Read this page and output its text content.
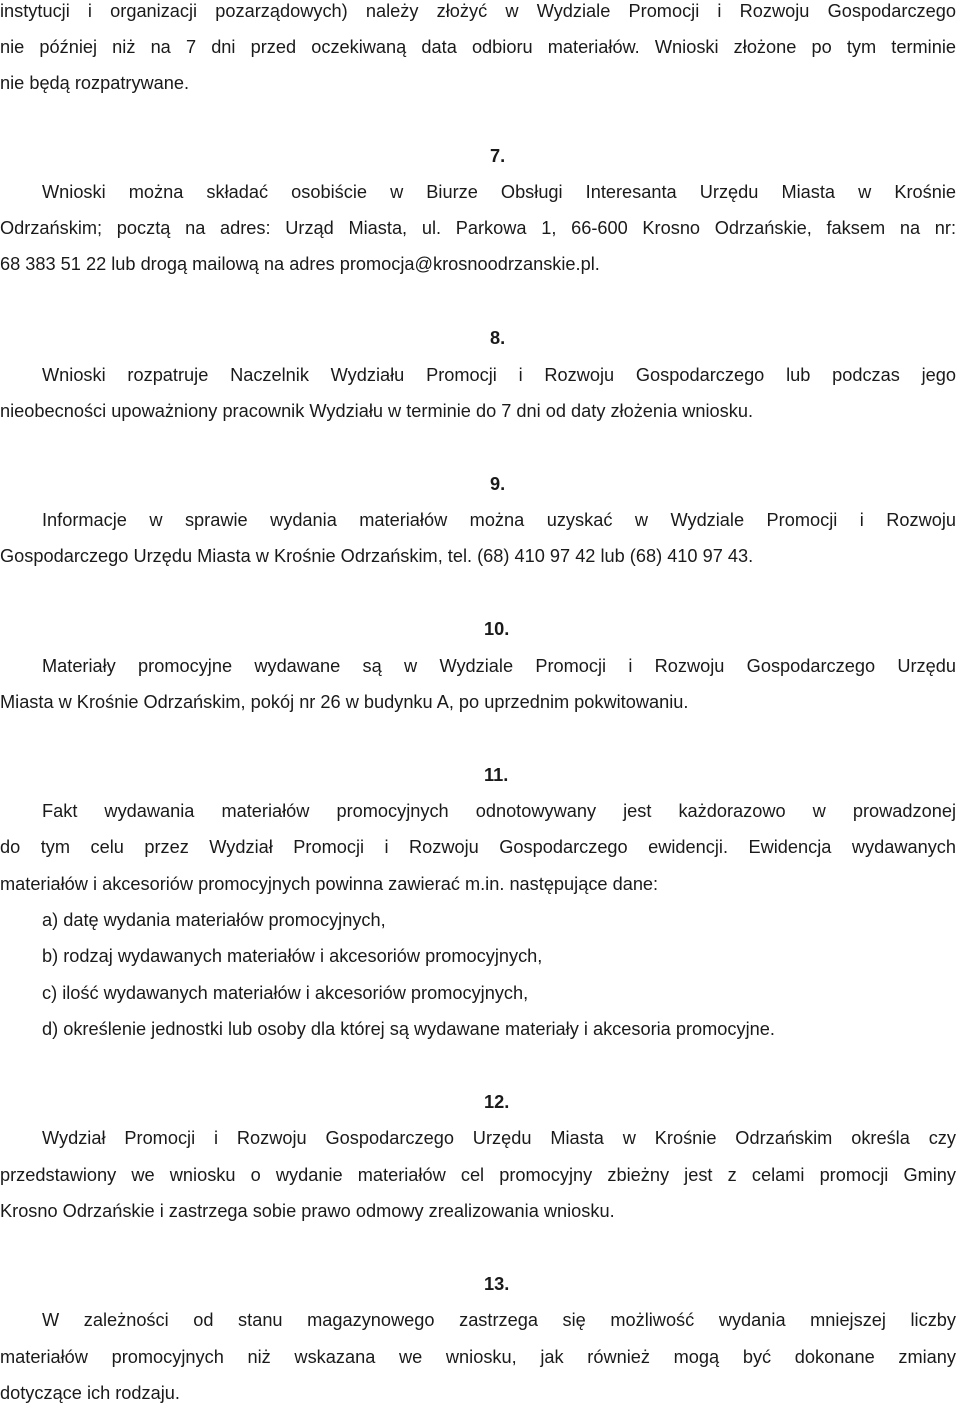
instytucji i organizacji pozarządowych) należy złożyć w Wydziale Promocji i Rozwoju Gospodarczego
nie później niż na 7 dni przed oczekiwaną data odbioru materiałów. Wnioski złożone po tym terminie
nie będą rozpatrywane.
7.
Wnioski można składać osobiście w Biurze Obsługi Interesanta Urzędu Miasta w Krośnie
Odrzańskim; pocztą na adres: Urząd Miasta, ul. Parkowa 1, 66-600 Krosno Odrzańskie, faksem na nr:
68 383 51 22 lub drogą mailową na adres promocja@krosnoodrzanskie.pl.
8.
Wnioski rozpatruje Naczelnik Wydziału Promocji i Rozwoju Gospodarczego lub podczas jego
nieobecności upoważniony pracownik Wydziału w terminie do 7 dni od daty złożenia wniosku.
9.
Informacje w sprawie wydania materiałów można uzyskać w Wydziale Promocji i Rozwoju
Gospodarczego Urzędu Miasta w Krośnie Odrzańskim, tel. (68) 410 97 42 lub (68) 410 97 43.
10.
Materiały promocyjne wydawane są w Wydziale Promocji i Rozwoju Gospodarczego Urzędu
Miasta w Krośnie Odrzańskim, pokój nr 26 w budynku A, po uprzednim pokwitowaniu.
11.
Fakt wydawania materiałów promocyjnych odnotowywany jest każdorazowo w prowadzonej
do tym celu przez Wydział Promocji i Rozwoju Gospodarczego ewidencji. Ewidencja wydawanych
materiałów i akcesoriów promocyjnych powinna zawierać m.in. następujące dane:
a) datę wydania materiałów promocyjnych,
b) rodzaj wydawanych materiałów i akcesoriów promocyjnych,
c) ilość wydawanych materiałów i akcesoriów promocyjnych,
d) określenie jednostki lub osoby dla której są wydawane materiały i akcesoria promocyjne.
12.
Wydział Promocji i Rozwoju Gospodarczego Urzędu Miasta w Krośnie Odrzańskim określa czy
przedstawiony we wniosku o wydanie materiałów cel promocyjny zbieżny jest z celami promocji Gminy
Krosno Odrzańskie i zastrzega sobie prawo odmowy zrealizowania wniosku.
13.
W zależności od stanu magazynowego zastrzega się możliwość wydania mniejszej liczby
materiałów promocyjnych niż wskazana we wniosku, jak również mogą być dokonane zmiany
dotyczące ich rodzaju.
